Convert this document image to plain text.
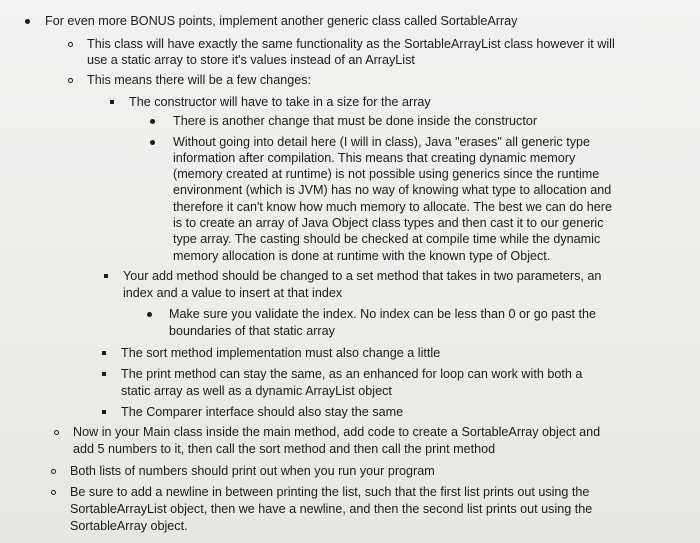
For even more BONUS points, implement another generic class called SortableArray
This class will have exactly the same functionality as the SortableArrayList class however it will
use a static array to store it's values instead of an ArrayList
This means there will be a few changes:
The constructor will have to take in a size for the array
There is another change that must be done inside the constructor
Without going into detail here (I will in class), Java "erases" all generic type
information after compilation. This means that creating dynamic memory
(memory created at runtime) is not possible using generics since the runtime
environment (which is JVM) has no way of knowing what type to allocation and
therefore it can't know how much memory to allocate. The best we can do here
is to create an array of Java Object class types and then cast it to our generic
type array. The casting should be checked at compile time while the dynamic
memory allocation is done at runtime with the known type of Object.
Your add method should be changed to a set method that takes in two parameters, an
index and a value to insert at that index
Make sure you validate the index. No index can be less than 0 or go past the
boundaries of that static array
The sort method implementation must also change a little
The print method can stay the same, as an enhanced for loop can work with both a
static array as well as a dynamic ArrayList object
The Comparer interface should also stay the same
Now in your Main class inside the main method, add code to create a SortableArray object and
add 5 numbers to it, then call the sort method and then call the print method
Both lists of numbers should print out when you run your program
Be sure to add a newline in between printing the list, such that the first list prints out using the
SortableArrayList object, then we have a newline, and then the second list prints out using the
SortableArray object.
